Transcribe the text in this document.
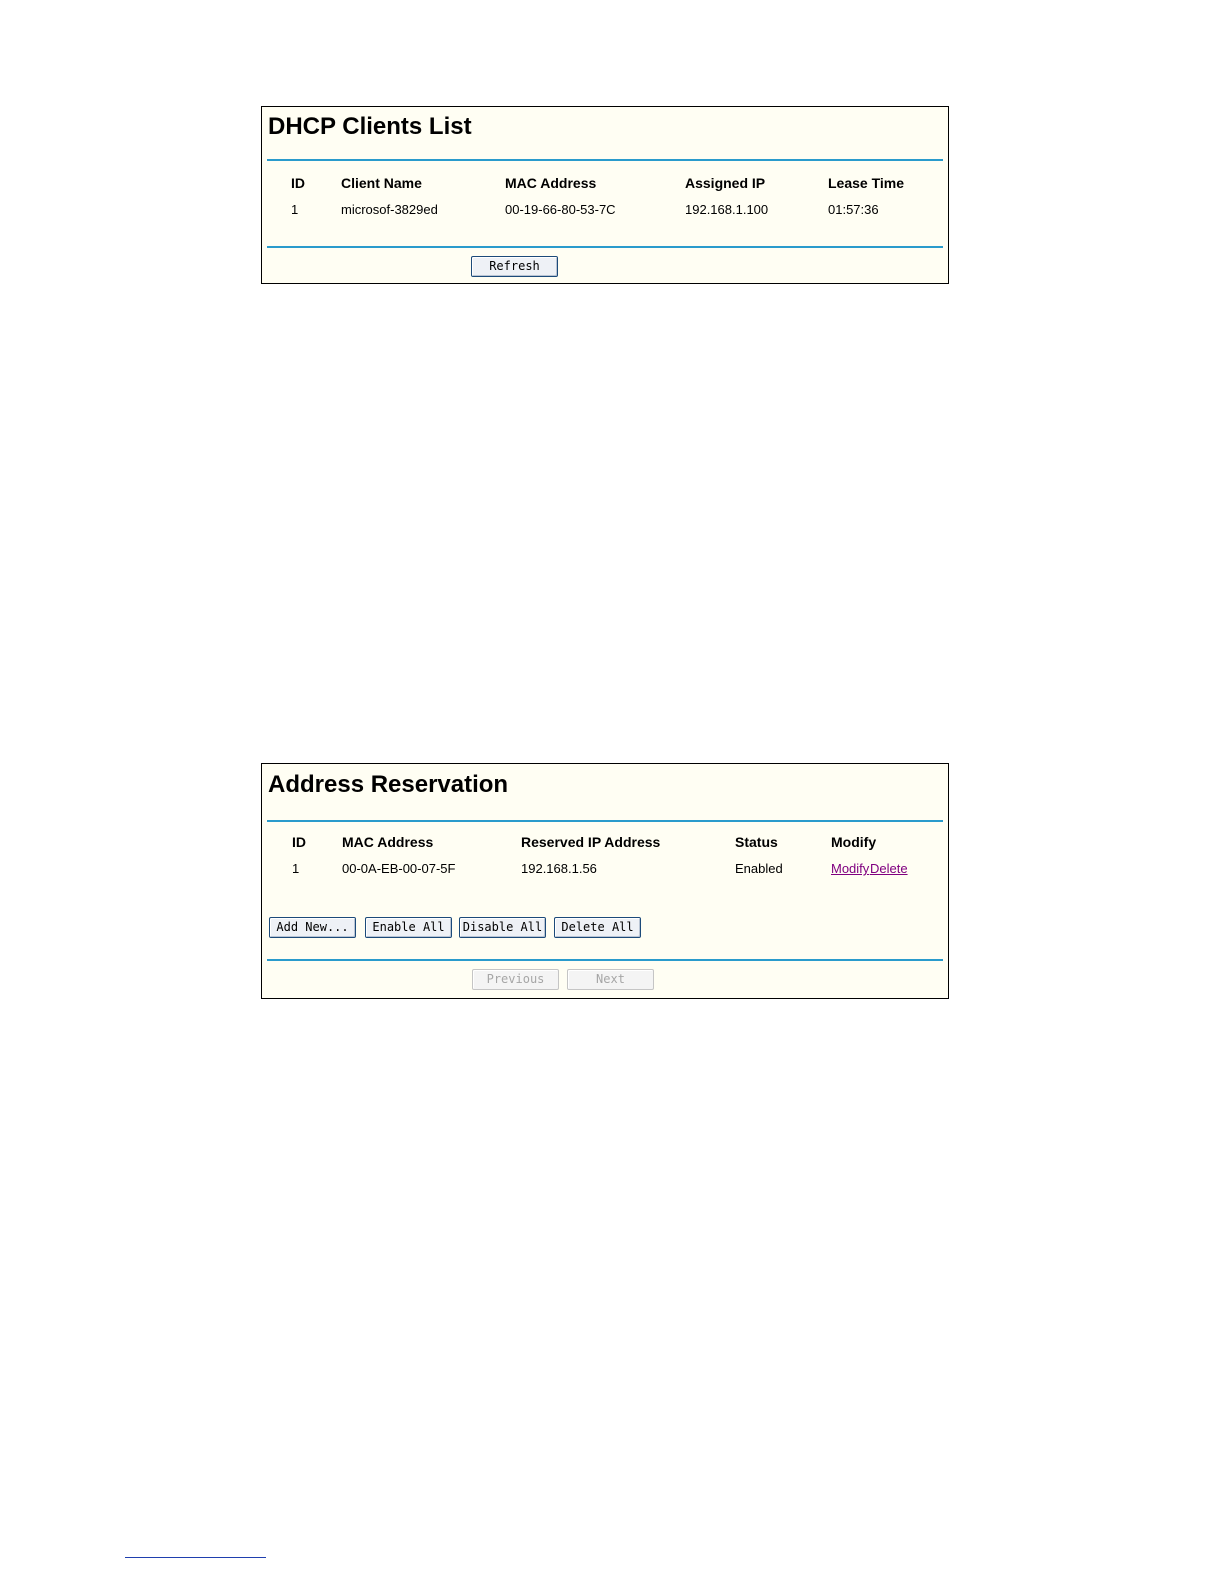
DHCP Clients List
ID	Client Name	MAC Address	Assigned IP	Lease Time
1	microsof-3829ed	00-19-66-80-53-7C	192.168.1.100	01:57:36
Refresh
Address Reservation
ID	MAC Address	Reserved IP Address	Status	Modify
1	00-0A-EB-00-07-5F	192.168.1.56	Enabled	Modify Delete
Add New...	Enable All	Disable All	Delete All
Previous	Next
